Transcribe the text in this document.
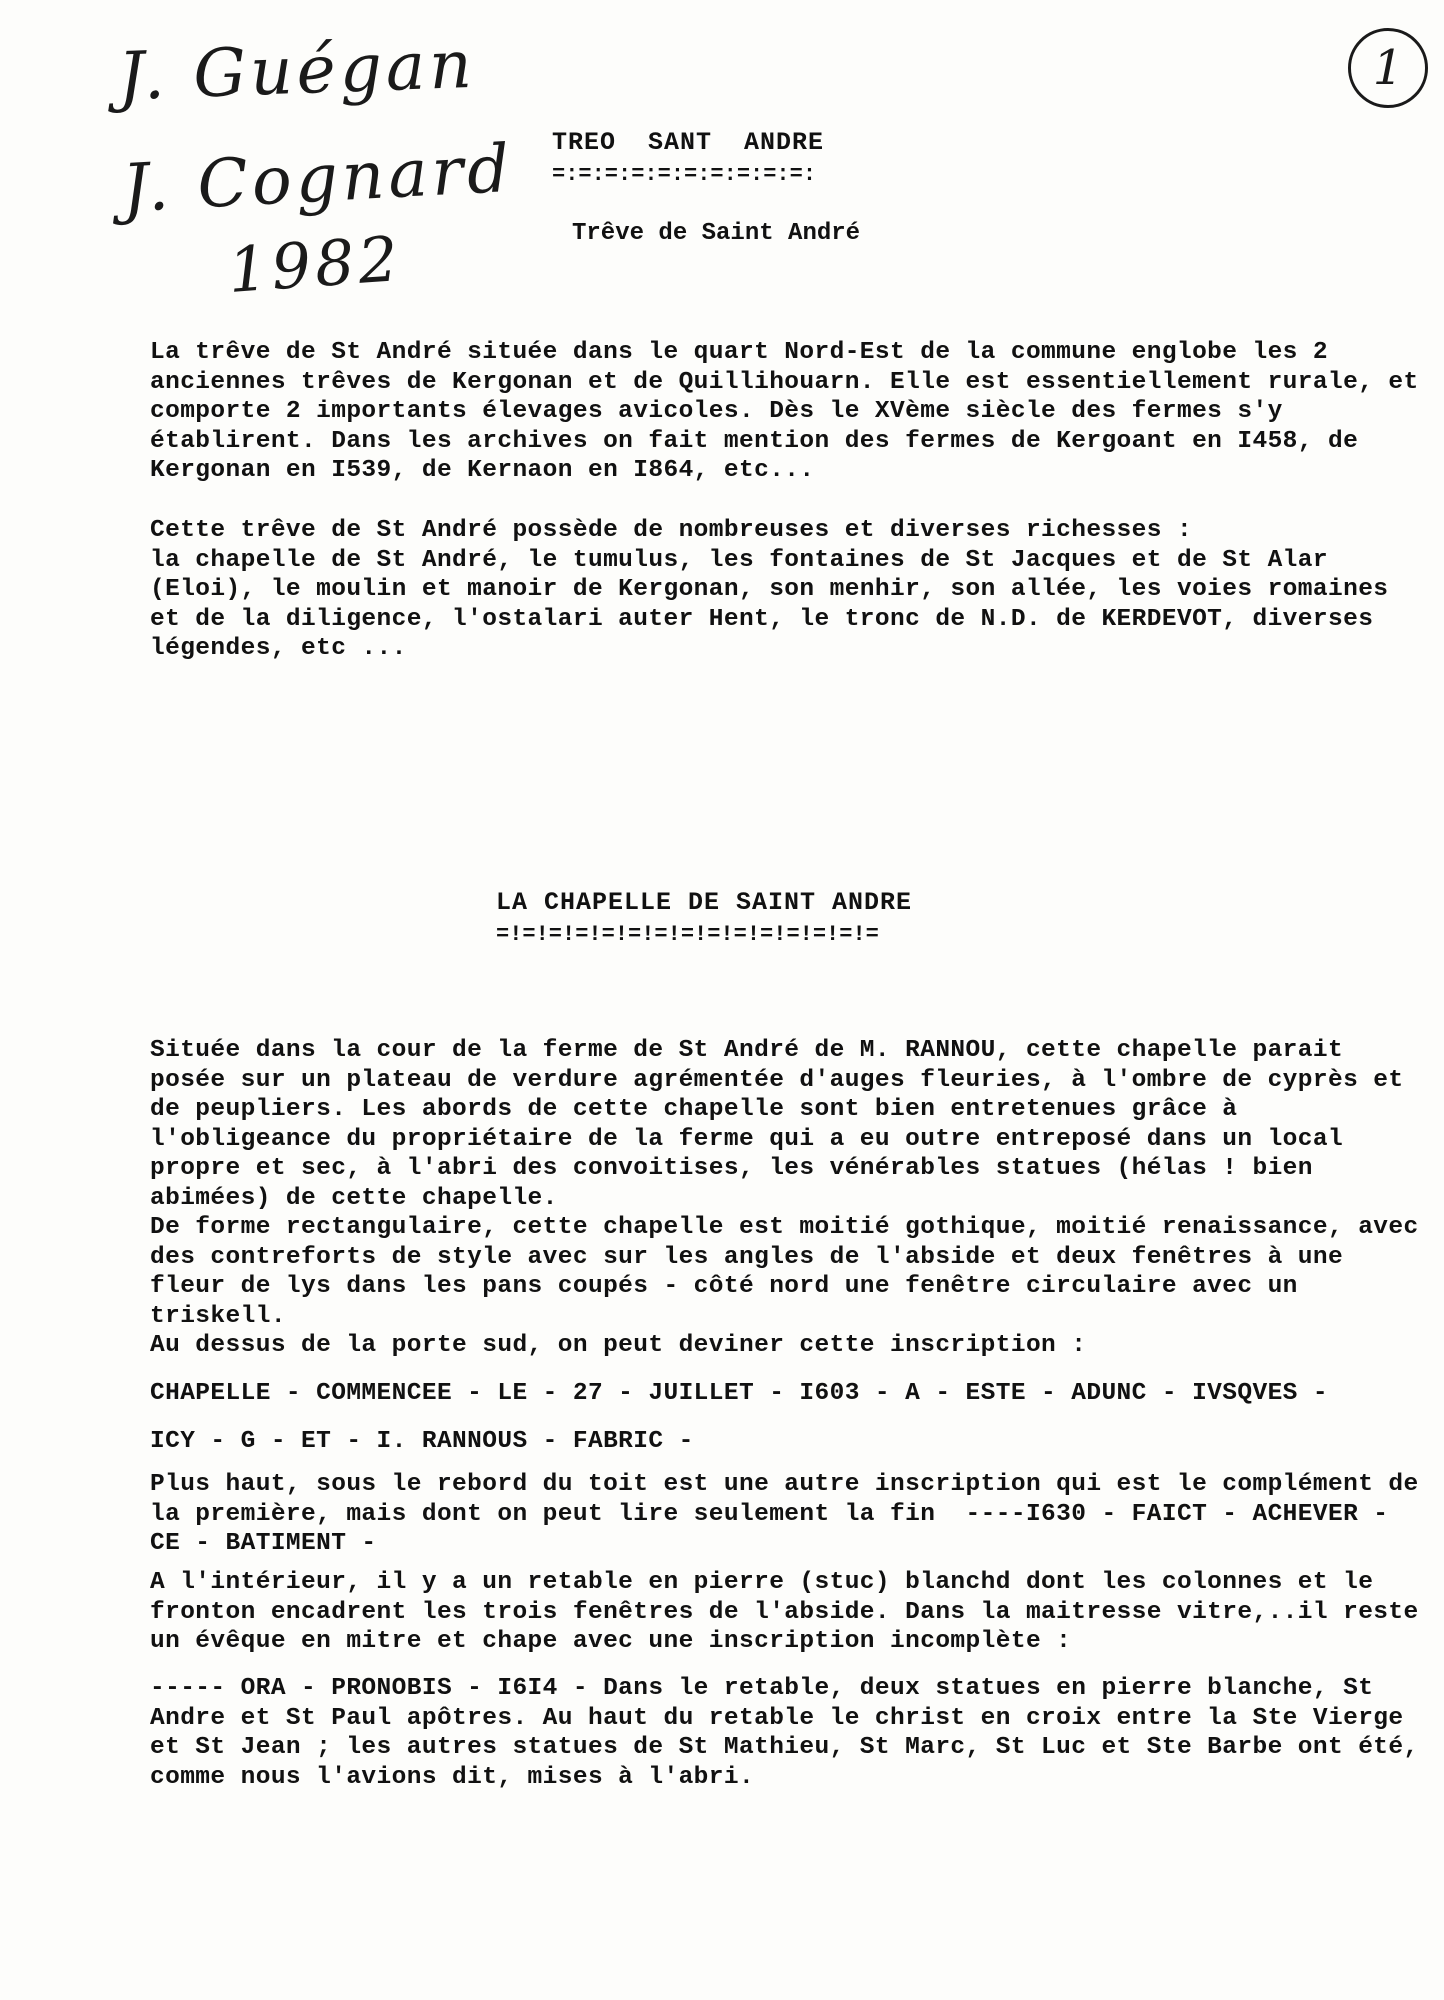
J. Guégan
J. Cognard
1982
1
TREO  SANT  ANDRE
=:=:=:=:=:=:=:=:=:=:
Trêve de Saint André
La trêve de St André située dans le quart Nord-Est de la commune englobe les 2 anciennes trêves de Kergonan et de Quillihouarn. Elle est essentiellement rurale, et comporte 2 importants élevages avicoles. Dès le XVème siècle des fermes s'y établirent. Dans les archives on fait mention des fermes de Kergoant en I458, de Kergonan en I539, de Kernaon en I864, etc...
Cette trêve de St André possède de nombreuses et diverses richesses :
la chapelle de St André, le tumulus, les fontaines de St Jacques et de St Alar (Eloi), le moulin et manoir de Kergonan, son menhir, son allée, les voies romaines et de la diligence, l'ostalari auter Hent, le tronc de N.D. de KERDEVOT, diverses légendes, etc ...
LA CHAPELLE DE SAINT ANDRE
=!=!=!=!=!=!=!=!=!=!=!=!=!=!=
Située dans la cour de la ferme de St André de M. RANNOU, cette chapelle parait posée sur un plateau de verdure agrémentée d'auges fleuries, à l'ombre de cyprès et de peupliers. Les abords de cette chapelle sont bien entretenues grâce à l'obligeance du propriétaire de la ferme qui a eu outre entreposé dans un local propre et sec, à l'abri des convoitises, les vénérables statues (hélas ! bien abimées) de cette chapelle.
De forme rectangulaire, cette chapelle est moitié gothique, moitié renaissance, avec des contreforts de style avec sur les angles de l'abside et deux fenêtres à une fleur de lys dans les pans coupés - côté nord une fenêtre circulaire avec un triskell.
Au dessus de la porte sud, on peut deviner cette inscription :
CHAPELLE - COMMENCEE - LE - 27 - JUILLET - I603 - A - ESTE - ADUNC - IVSQVES -
ICY - G - ET - I. RANNOUS - FABRIC -
Plus haut, sous le rebord du toit est une autre inscription qui est le complément de la première, mais dont on peut lire seulement la fin  ----I630 - FAICT - ACHEVER - CE - BATIMENT -
A l'intérieur, il y a un retable en pierre (stuc) blanchd dont les colonnes et le fronton encadrent les trois fenêtres de l'abside. Dans la maitresse vitre,..il reste un évêque en mitre et chape avec une inscription incomplète :
----- ORA - PRONOBIS - I6I4 - Dans le retable, deux statues en pierre blanche, St Andre et St Paul apôtres. Au haut du retable le christ en croix entre la Ste Vierge et St Jean ; les autres statues de St Mathieu, St Marc, St Luc et Ste Barbe ont été, comme nous l'avions dit, mises à l'abri.
